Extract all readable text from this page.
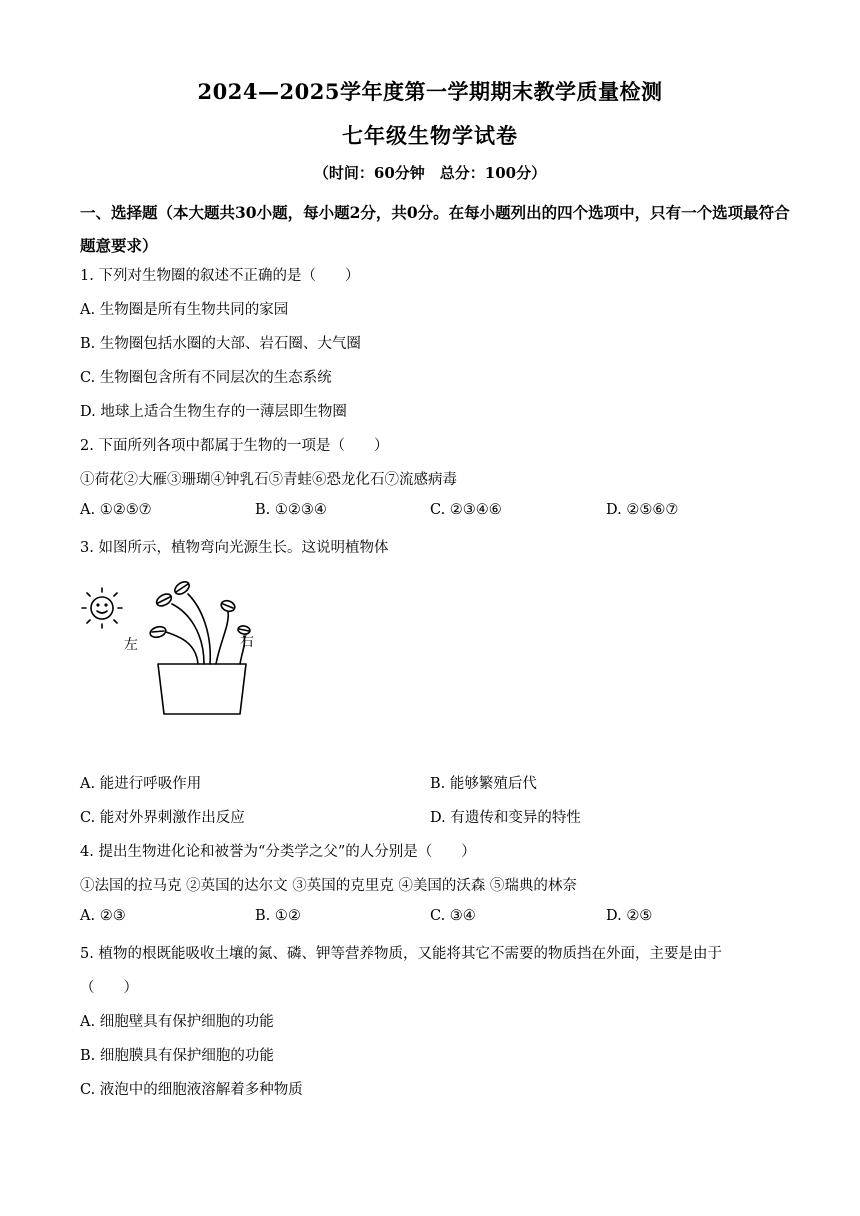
2024—2025学年度第一学期期末教学质量检测
七年级生物学试卷
（时间：60分钟　总分：100分）
一、选择题（本大题共30小题，每小题2分，共0分。在每小题列出的四个选项中，只有一个选项最符合题意要求）
1. 下列对生物圈的叙述不正确的是（　　）
A. 生物圈是所有生物共同的家园
B. 生物圈包括水圈的大部、岩石圈、大气圈
C. 生物圈包含所有不同层次的生态系统
D. 地球上适合生物生存的一薄层即生物圈
2. 下面所列各项中都属于生物的一项是（　　）
①荷花②大雁③珊瑚④钟乳石⑤青蛙⑥恐龙化石⑦流感病毒
A. ①②⑤⑦	B. ①②③④	C. ②③④⑥	D. ②⑤⑥⑦
3. 如图所示，植物弯向光源生长。这说明植物体
左	右
A. 能进行呼吸作用	B. 能够繁殖后代
C. 能对外界刺激作出反应	D. 有遗传和变异的特性
4. 提出生物进化论和被誉为“分类学之父”的人分别是（　　）
①法国的拉马克 ②英国的达尔文 ③英国的克里克 ④美国的沃森 ⑤瑞典的林奈
A. ②③	B. ①②	C. ③④	D. ②⑤
5. 植物的根既能吸收土壤的氮、磷、钾等营养物质，又能将其它不需要的物质挡在外面，主要是由于
（　　）
A. 细胞壁具有保护细胞的功能
B. 细胞膜具有保护细胞的功能
C. 液泡中的细胞液溶解着多种物质
